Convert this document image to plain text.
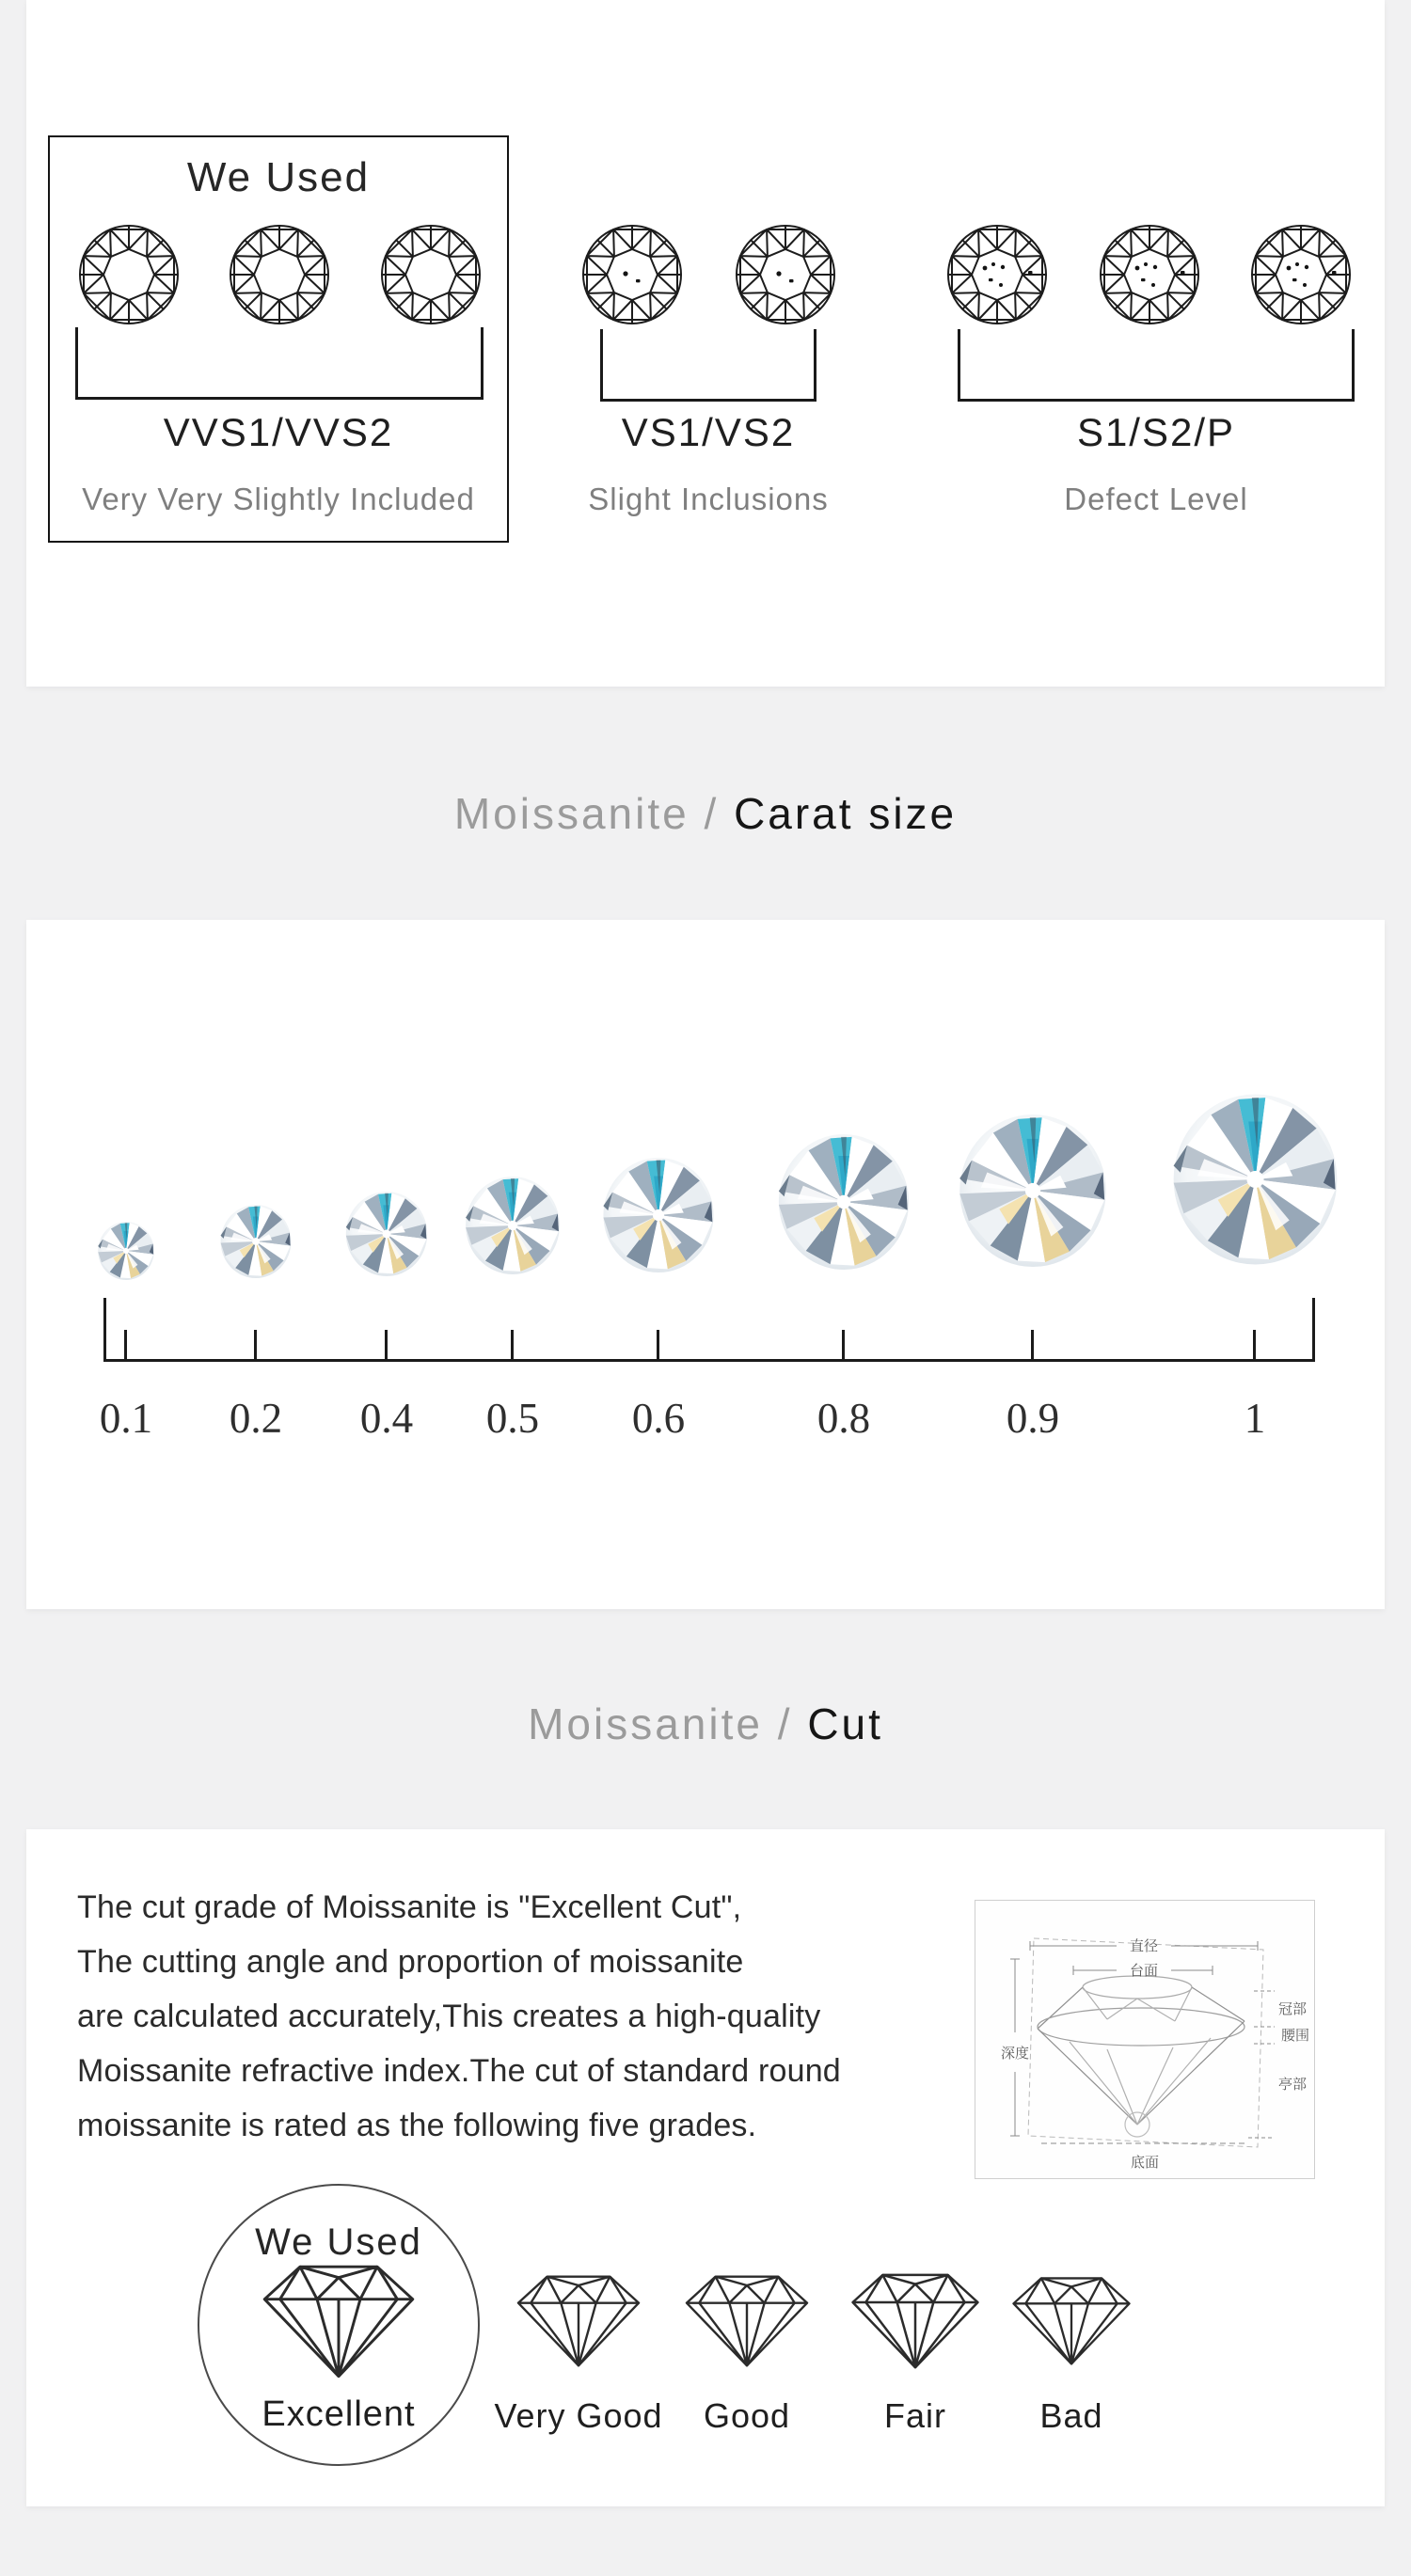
We Used
VVS1/VVS2
Very Very Slightly Included
VS1/VS2
Slight Inclusions
S1/S2/P
Defect Level
Moissanite / Carat size
0.1	0.2	0.4	0.5	0.6	0.8	0.9	1
Moissanite / Cut
The cut grade of Moissanite is "Excellent Cut",
The cutting angle and proportion of moissanite
are calculated accurately,This creates a high-quality
Moissanite refractive index.The cut of standard round
moissanite is rated as the following five grades.
直径
台面
深度
冠部
腰围
亭部
底面
We Used
Excellent	Very Good	Good	Fair	Bad
